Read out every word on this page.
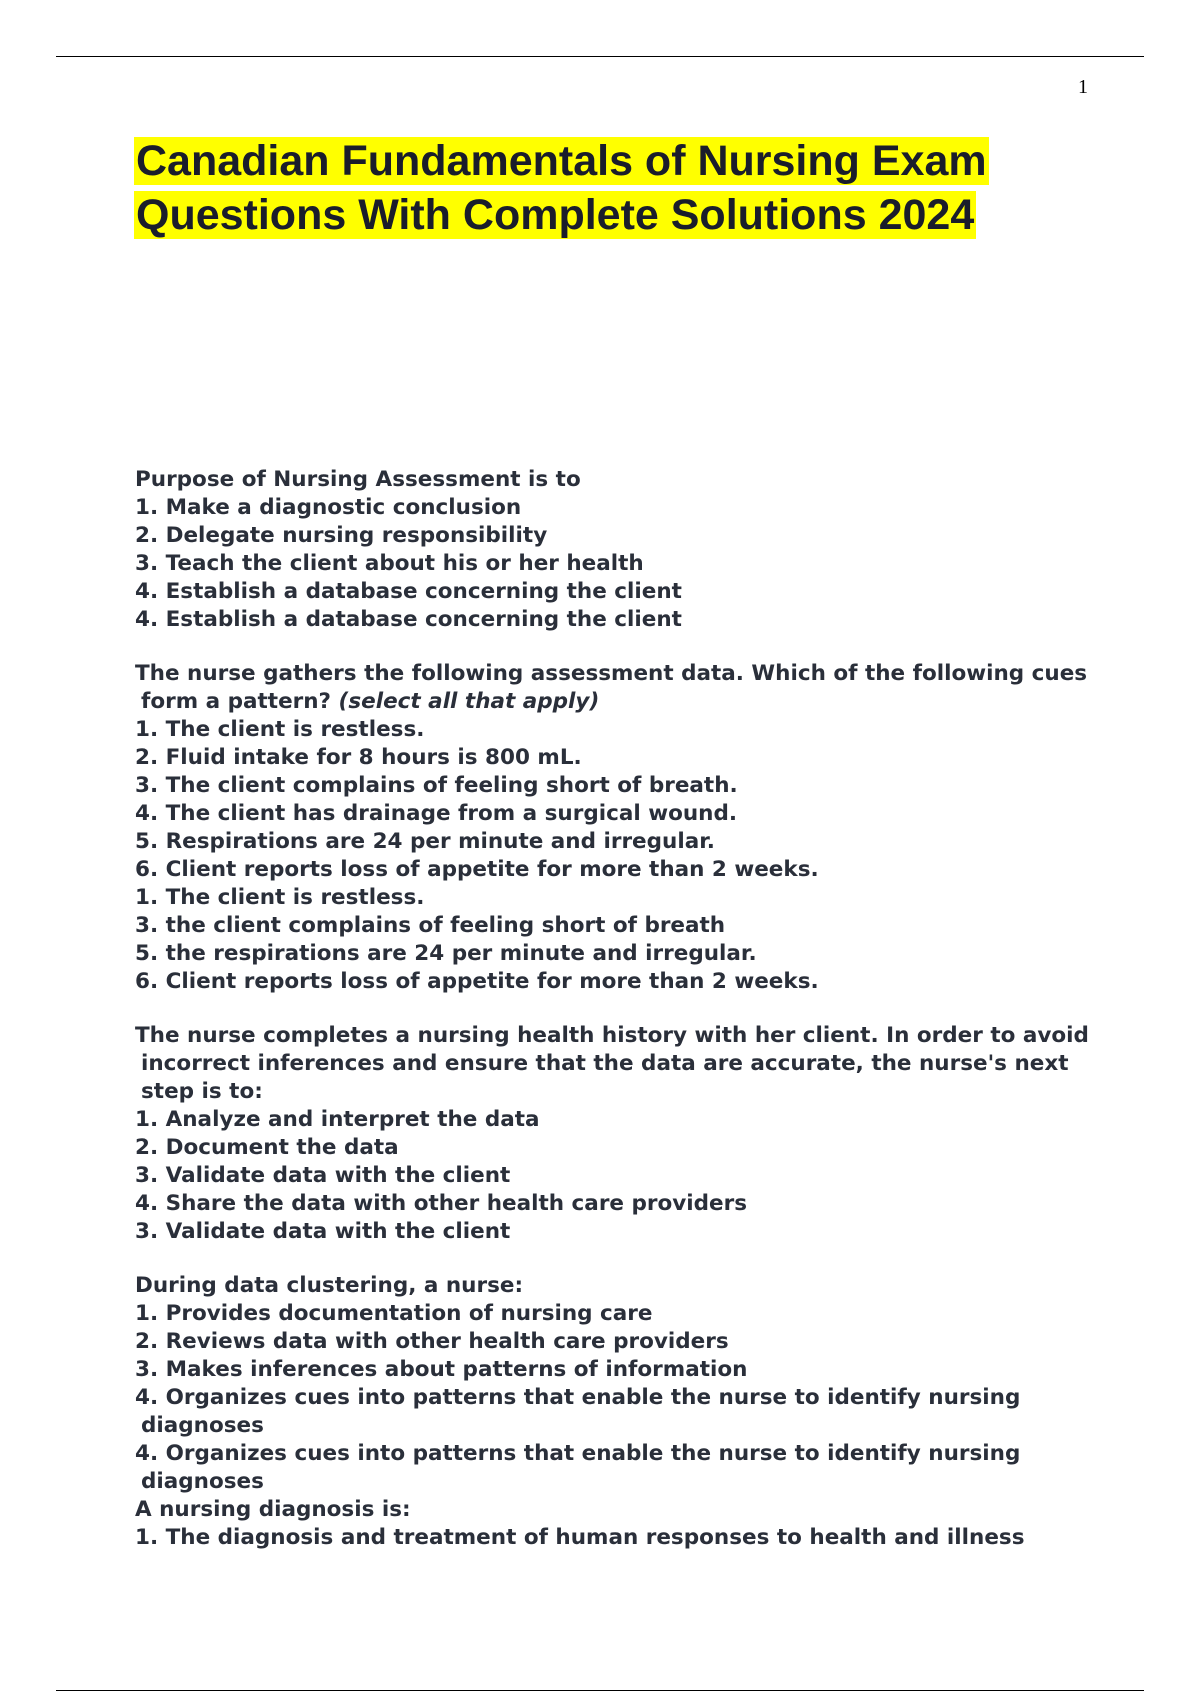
1
Canadian Fundamentals of Nursing Exam Questions With Complete Solutions 2024

Purpose of Nursing Assessment is to

1. Make a diagnostic conclusion

2. Delegate nursing responsibility

3. Teach the client about his or her health

4. Establish a database concerning the client

4. Establish a database concerning the client

The nurse gathers the following assessment data. Which of the following cues form a pattern? (select all that apply)

1. The client is restless.

2. Fluid intake for 8 hours is 800 mL.

3. The client complains of feeling short of breath.

4. The client has drainage from a surgical wound.

5. Respirations are 24 per minute and irregular.

6. Client reports loss of appetite for more than 2 weeks.

1. The client is restless.

3. the client complains of feeling short of breath

5. the respirations are 24 per minute and irregular.

6. Client reports loss of appetite for more than 2 weeks.

The nurse completes a nursing health history with her client. In order to avoid incorrect inferences and ensure that the data are accurate, the nurse's next step is to:

1. Analyze and interpret the data

2. Document the data

3. Validate data with the client

4. Share the data with other health care providers

3. Validate data with the client

During data clustering, a nurse:

1. Provides documentation of nursing care

2. Reviews data with other health care providers

3. Makes inferences about patterns of information

4. Organizes cues into patterns that enable the nurse to identify nursing diagnoses

4. Organizes cues into patterns that enable the nurse to identify nursing diagnoses

A nursing diagnosis is:

1. The diagnosis and treatment of human responses to health and illness
